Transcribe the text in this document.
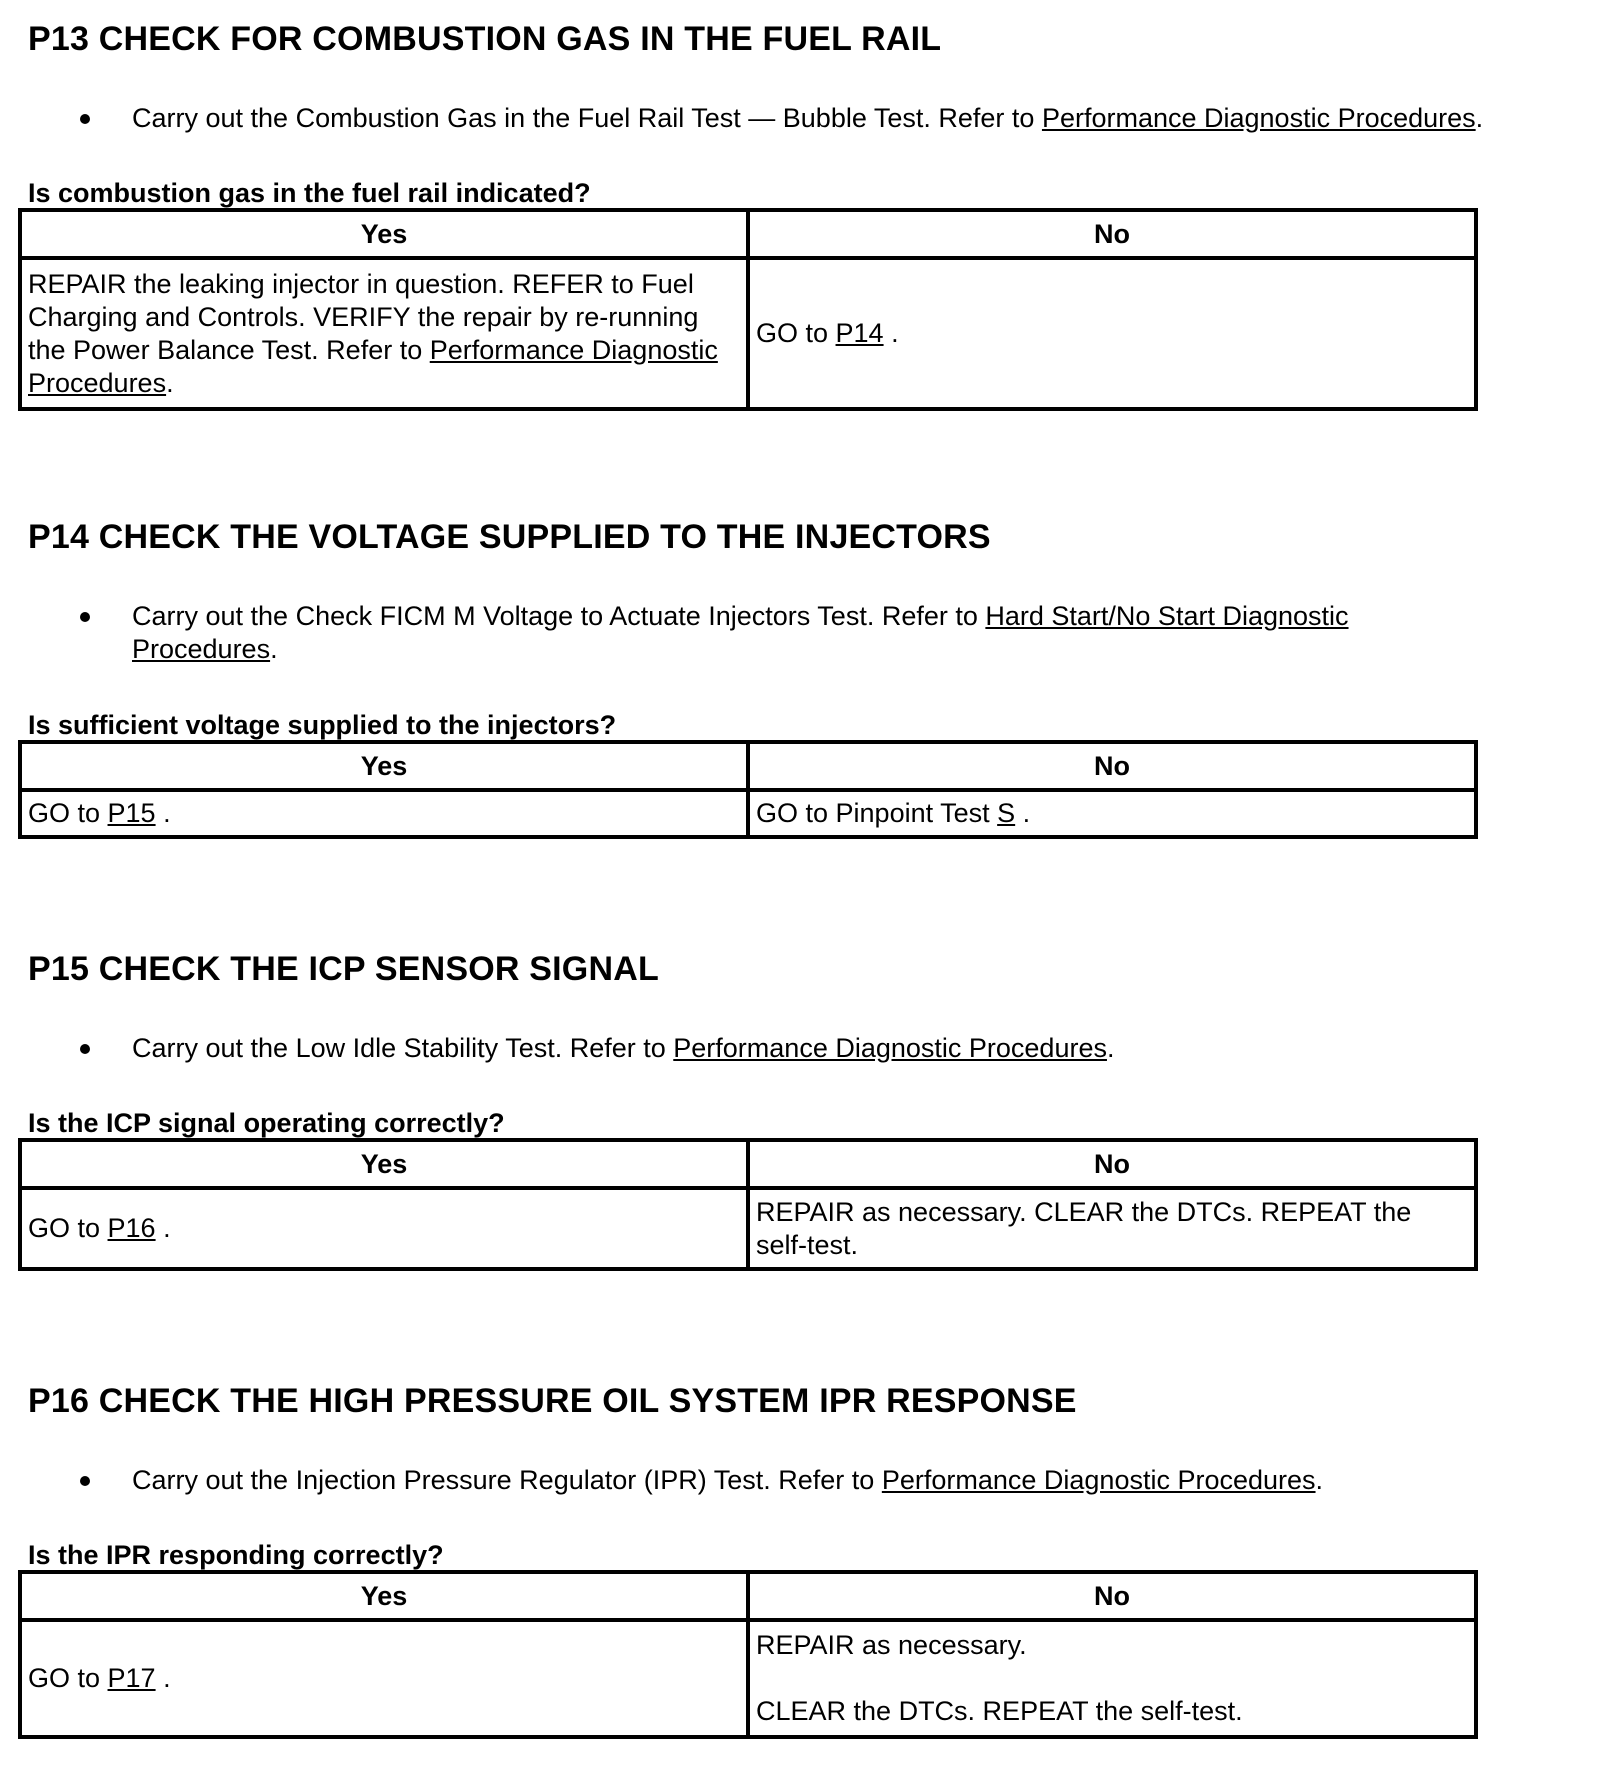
P13 CHECK FOR COMBUSTION GAS IN THE FUEL RAIL
Carry out the Combustion Gas in the Fuel Rail Test — Bubble Test. Refer to Performance Diagnostic Procedures.
Is combustion gas in the fuel rail indicated?
Yes	No
REPAIR the leaking injector in question. REFER to Fuel Charging and Controls. VERIFY the repair by re-running the Power Balance Test. Refer to Performance Diagnostic Procedures.	GO to P14 .
P14 CHECK THE VOLTAGE SUPPLIED TO THE INJECTORS
Carry out the Check FICM M Voltage to Actuate Injectors Test. Refer to Hard Start/No Start Diagnostic Procedures.
Is sufficient voltage supplied to the injectors?
Yes	No
GO to P15 .	GO to Pinpoint Test S .
P15 CHECK THE ICP SENSOR SIGNAL
Carry out the Low Idle Stability Test. Refer to Performance Diagnostic Procedures.
Is the ICP signal operating correctly?
Yes	No
GO to P16 .	REPAIR as necessary. CLEAR the DTCs. REPEAT the self-test.
P16 CHECK THE HIGH PRESSURE OIL SYSTEM IPR RESPONSE
Carry out the Injection Pressure Regulator (IPR) Test. Refer to Performance Diagnostic Procedures.
Is the IPR responding correctly?
Yes	No
GO to P17 .	REPAIR as necessary.
CLEAR the DTCs. REPEAT the self-test.
